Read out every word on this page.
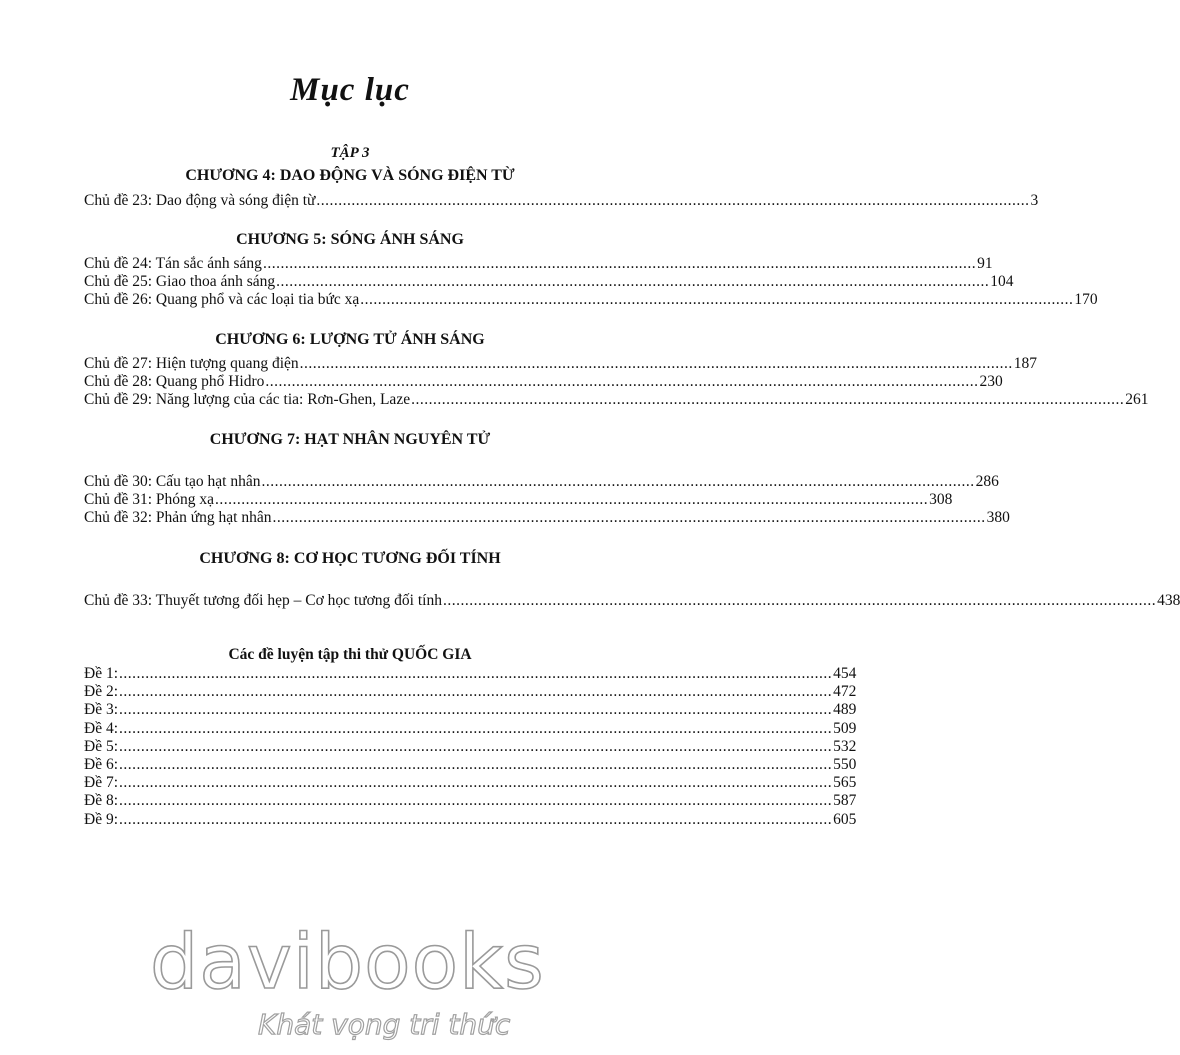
Mục lục
TẬP 3
CHƯƠNG 4: DAO ĐỘNG VÀ SÓNG ĐIỆN TỪ
Chủ đề 23: Dao động và sóng điện từ ................................................................................................................................................................... 3
CHƯƠNG 5: SÓNG ÁNH SÁNG
Chủ đề 24: Tán sắc ánh sáng ................................................................................................................................................................... 91
Chủ đề 25: Giao thoa ánh sáng ................................................................................................................................................................... 104
Chủ đề 26: Quang phổ và các loại tia bức xạ ................................................................................................................................................................... 170
CHƯƠNG 6: LƯỢNG TỬ ÁNH SÁNG
Chủ đề 27: Hiện tượng quang điện ................................................................................................................................................................... 187
Chủ đề 28: Quang phổ Hidro ................................................................................................................................................................... 230
Chủ đề 29: Năng lượng của các tia: Rơn-Ghen, Laze ................................................................................................................................................................... 261
CHƯƠNG 7: HẠT NHÂN NGUYÊN TỬ
Chủ đề 30: Cấu tạo hạt nhân ................................................................................................................................................................... 286
Chủ đề 31: Phóng xạ ................................................................................................................................................................... 308
Chủ đề 32: Phản ứng hạt nhân ................................................................................................................................................................... 380
CHƯƠNG 8: CƠ HỌC TƯƠNG ĐỐI TÍNH
Chủ đề 33: Thuyết tương đối hẹp – Cơ học tương đối tính ................................................................................................................................................................... 438
Các đề luyện tập thi thử QUỐC GIA
Đề 1: ................................................................................................................................................................... 454
Đề 2: ................................................................................................................................................................... 472
Đề 3: ................................................................................................................................................................... 489
Đề 4: ................................................................................................................................................................... 509
Đề 5: ................................................................................................................................................................... 532
Đề 6: ................................................................................................................................................................... 550
Đề 7: ................................................................................................................................................................... 565
Đề 8: ................................................................................................................................................................... 587
Đề 9: ................................................................................................................................................................... 605
davibooks
Khát vọng tri thức
